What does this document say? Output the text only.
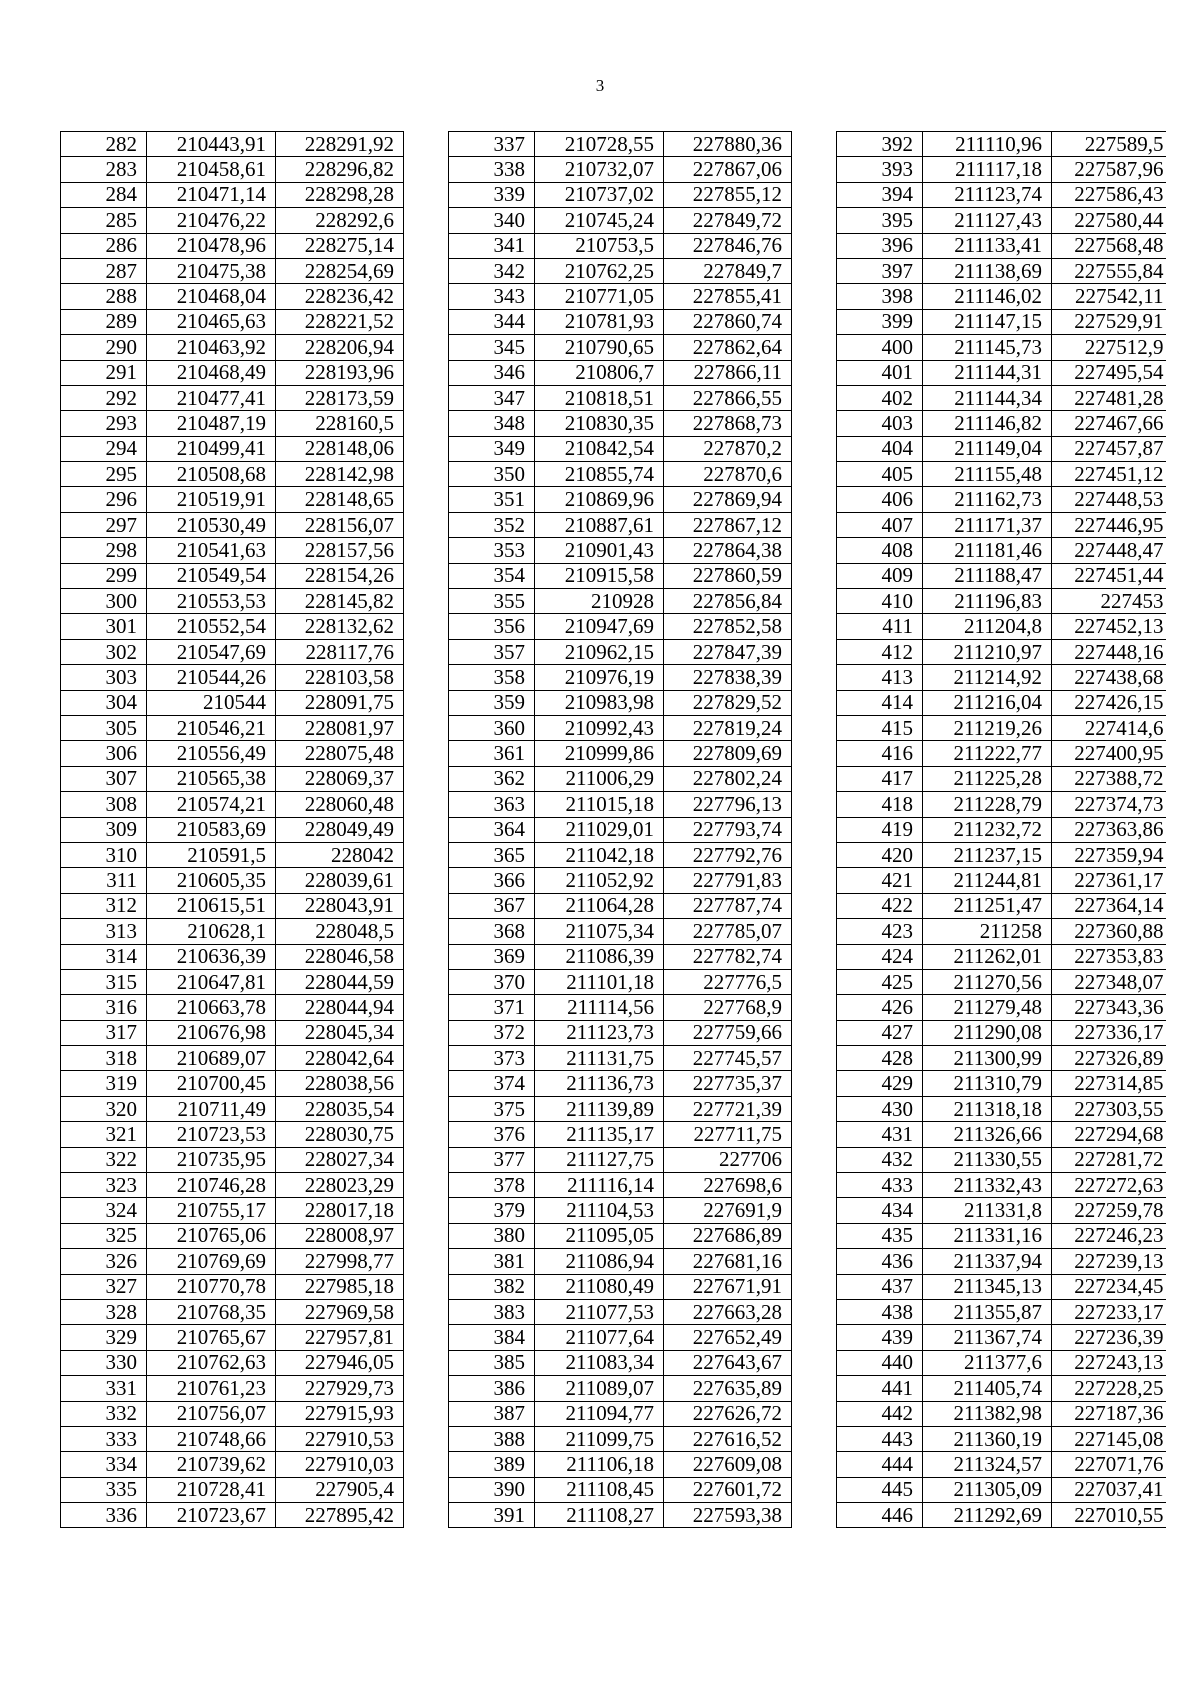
3
282	210443,91	228291,92
283	210458,61	228296,82
284	210471,14	228298,28
285	210476,22	228292,6
286	210478,96	228275,14
287	210475,38	228254,69
288	210468,04	228236,42
289	210465,63	228221,52
290	210463,92	228206,94
291	210468,49	228193,96
292	210477,41	228173,59
293	210487,19	228160,5
294	210499,41	228148,06
295	210508,68	228142,98
296	210519,91	228148,65
297	210530,49	228156,07
298	210541,63	228157,56
299	210549,54	228154,26
300	210553,53	228145,82
301	210552,54	228132,62
302	210547,69	228117,76
303	210544,26	228103,58
304	210544	228091,75
305	210546,21	228081,97
306	210556,49	228075,48
307	210565,38	228069,37
308	210574,21	228060,48
309	210583,69	228049,49
310	210591,5	228042
311	210605,35	228039,61
312	210615,51	228043,91
313	210628,1	228048,5
314	210636,39	228046,58
315	210647,81	228044,59
316	210663,78	228044,94
317	210676,98	228045,34
318	210689,07	228042,64
319	210700,45	228038,56
320	210711,49	228035,54
321	210723,53	228030,75
322	210735,95	228027,34
323	210746,28	228023,29
324	210755,17	228017,18
325	210765,06	228008,97
326	210769,69	227998,77
327	210770,78	227985,18
328	210768,35	227969,58
329	210765,67	227957,81
330	210762,63	227946,05
331	210761,23	227929,73
332	210756,07	227915,93
333	210748,66	227910,53
334	210739,62	227910,03
335	210728,41	227905,4
336	210723,67	227895,42
337	210728,55	227880,36
338	210732,07	227867,06
339	210737,02	227855,12
340	210745,24	227849,72
341	210753,5	227846,76
342	210762,25	227849,7
343	210771,05	227855,41
344	210781,93	227860,74
345	210790,65	227862,64
346	210806,7	227866,11
347	210818,51	227866,55
348	210830,35	227868,73
349	210842,54	227870,2
350	210855,74	227870,6
351	210869,96	227869,94
352	210887,61	227867,12
353	210901,43	227864,38
354	210915,58	227860,59
355	210928	227856,84
356	210947,69	227852,58
357	210962,15	227847,39
358	210976,19	227838,39
359	210983,98	227829,52
360	210992,43	227819,24
361	210999,86	227809,69
362	211006,29	227802,24
363	211015,18	227796,13
364	211029,01	227793,74
365	211042,18	227792,76
366	211052,92	227791,83
367	211064,28	227787,74
368	211075,34	227785,07
369	211086,39	227782,74
370	211101,18	227776,5
371	211114,56	227768,9
372	211123,73	227759,66
373	211131,75	227745,57
374	211136,73	227735,37
375	211139,89	227721,39
376	211135,17	227711,75
377	211127,75	227706
378	211116,14	227698,6
379	211104,53	227691,9
380	211095,05	227686,89
381	211086,94	227681,16
382	211080,49	227671,91
383	211077,53	227663,28
384	211077,64	227652,49
385	211083,34	227643,67
386	211089,07	227635,89
387	211094,77	227626,72
388	211099,75	227616,52
389	211106,18	227609,08
390	211108,45	227601,72
391	211108,27	227593,38
392	211110,96	227589,5
393	211117,18	227587,96
394	211123,74	227586,43
395	211127,43	227580,44
396	211133,41	227568,48
397	211138,69	227555,84
398	211146,02	227542,11
399	211147,15	227529,91
400	211145,73	227512,9
401	211144,31	227495,54
402	211144,34	227481,28
403	211146,82	227467,66
404	211149,04	227457,87
405	211155,48	227451,12
406	211162,73	227448,53
407	211171,37	227446,95
408	211181,46	227448,47
409	211188,47	227451,44
410	211196,83	227453
411	211204,8	227452,13
412	211210,97	227448,16
413	211214,92	227438,68
414	211216,04	227426,15
415	211219,26	227414,6
416	211222,77	227400,95
417	211225,28	227388,72
418	211228,79	227374,73
419	211232,72	227363,86
420	211237,15	227359,94
421	211244,81	227361,17
422	211251,47	227364,14
423	211258	227360,88
424	211262,01	227353,83
425	211270,56	227348,07
426	211279,48	227343,36
427	211290,08	227336,17
428	211300,99	227326,89
429	211310,79	227314,85
430	211318,18	227303,55
431	211326,66	227294,68
432	211330,55	227281,72
433	211332,43	227272,63
434	211331,8	227259,78
435	211331,16	227246,23
436	211337,94	227239,13
437	211345,13	227234,45
438	211355,87	227233,17
439	211367,74	227236,39
440	211377,6	227243,13
441	211405,74	227228,25
442	211382,98	227187,36
443	211360,19	227145,08
444	211324,57	227071,76
445	211305,09	227037,41
446	211292,69	227010,55
